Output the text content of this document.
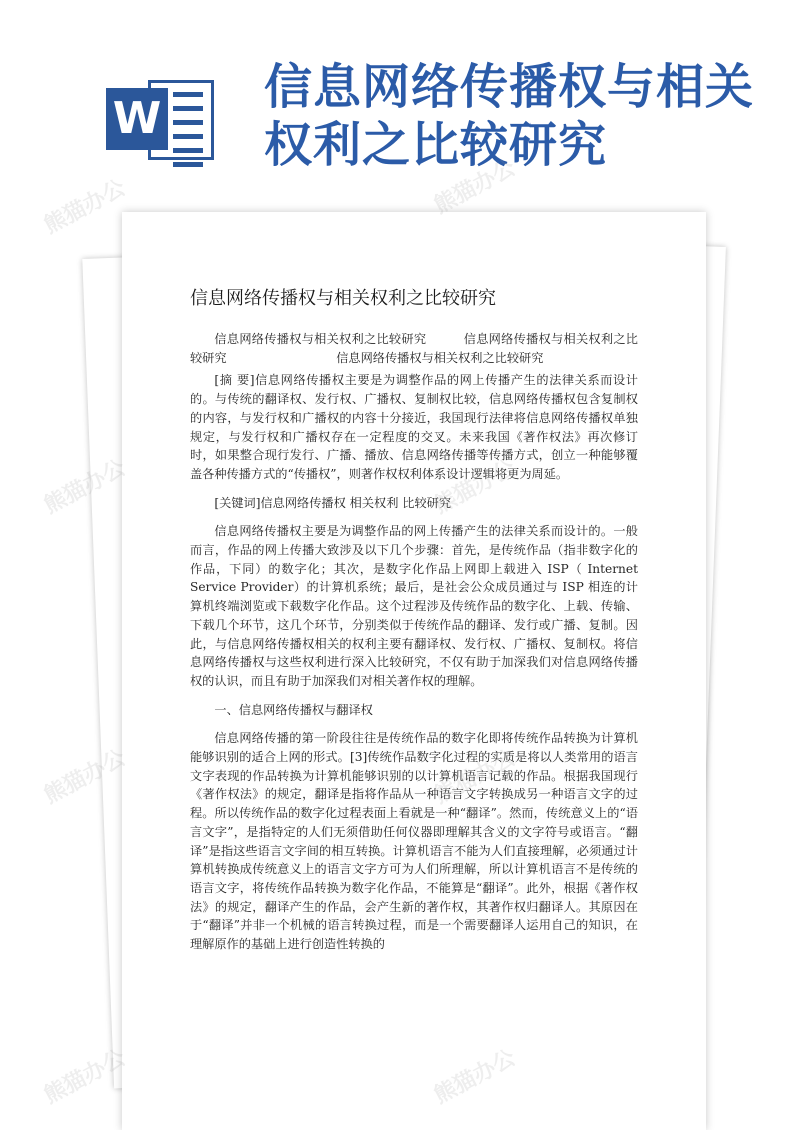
W
信息网络传播权与相关权利之比较研究
信息网络传播权与相关权利之比较研究

信息网络传播权与相关权利之比较研究　　　信息网络传播权与相关权利之比较研究　　　　　　　　　信息网络传播权与相关权利之比较研究

[摘 要]信息网络传播权主要是为调整作品的网上传播产生的法律关系而设计的。与传统的翻译权、发行权、广播权、复制权比较，信息网络传播权包含复制权的内容，与发行权和广播权的内容十分接近，我国现行法律将信息网络传播权单独规定，与发行权和广播权存在一定程度的交叉。未来我国《著作权法》再次修订时，如果整合现行发行、广播、播放、信息网络传播等传播方式，创立一种能够覆盖各种传播方式的“传播权”，则著作权权利体系设计逻辑将更为周延。

[关键词]信息网络传播权 相关权利 比较研究

信息网络传播权主要是为调整作品的网上传播产生的法律关系而设计的。一般而言，作品的网上传播大致涉及以下几个步骤：首先，是传统作品（指非数字化的作品，下同）的数字化；其次，是数字化作品上网即上载进入 ISP（ Internet Service Provider）的计算机系统；最后，是社会公众成员通过与 ISP 相连的计算机终端浏览或下载数字化作品。这个过程涉及传统作品的数字化、上载、传输、下载几个环节，这几个环节，分别类似于传统作品的翻译、发行或广播、复制。因此，与信息网络传播权相关的权利主要有翻译权、发行权、广播权、复制权。将信息网络传播权与这些权利进行深入比较研究，不仅有助于加深我们对信息网络传播权的认识，而且有助于加深我们对相关著作权的理解。

一、信息网络传播权与翻译权

信息网络传播的第一阶段往往是传统作品的数字化即将传统作品转换为计算机能够识别的适合上网的形式。[3]传统作品数字化过程的实质是将以人类常用的语言文字表现的作品转换为计算机能够识别的以计算机语言记载的作品。根据我国现行《著作权法》的规定，翻译是指将作品从一种语言文字转换成另一种语言文字的过程。所以传统作品的数字化过程表面上看就是一种“翻译”。然而，传统意义上的“语言文字”，是指特定的人们无须借助任何仪器即理解其含义的文字符号或语言。“翻译”是指这些语言文字间的相互转换。计算机语言不能为人们直接理解，必须通过计算机转换成传统意义上的语言文字方可为人们所理解，所以计算机语言不是传统的语言文字，将传统作品转换为数字化作品，不能算是“翻译”。此外，根据《著作权法》的规定，翻译产生的作品，会产生新的著作权，其著作权归翻译人。其原因在于“翻译”并非一个机械的语言转换过程，而是一个需要翻译人运用自己的知识，在理解原作的基础上进行创造性转换的

熊猫办公	熊猫办公
熊猫办公
熊猫办公
熊猫办公
